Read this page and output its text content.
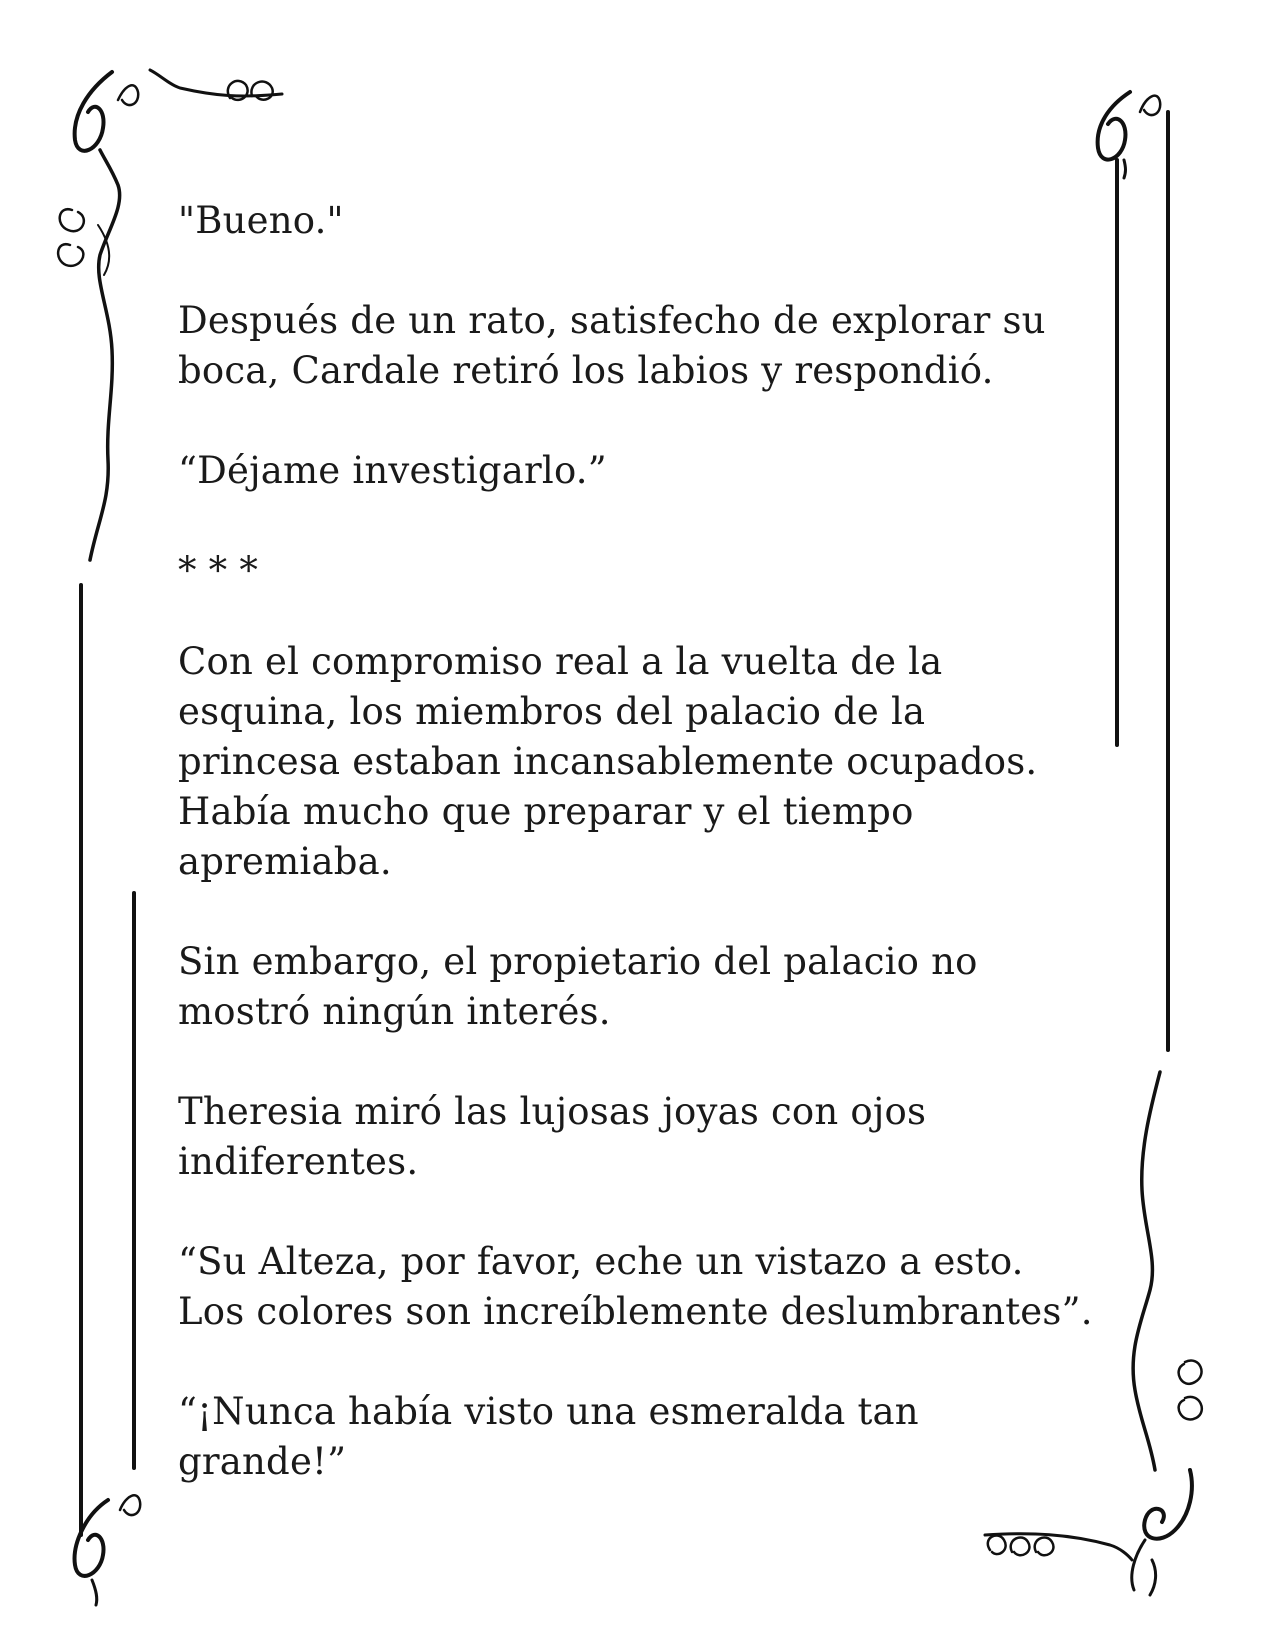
"Bueno."

Después de un rato, satisfecho de explorar su
boca, Cardale retiró los labios y respondió.

“Déjame investigarlo.”

* * *

Con el compromiso real a la vuelta de la
esquina, los miembros del palacio de la
princesa estaban incansablemente ocupados.
Había mucho que preparar y el tiempo
apremiaba.

Sin embargo, el propietario del palacio no
mostró ningún interés.

Theresia miró las lujosas joyas con ojos
indiferentes.

“Su Alteza, por favor, eche un vistazo a esto.
Los colores son increíblemente deslumbrantes”.

“¡Nunca había visto una esmeralda tan
grande!”
